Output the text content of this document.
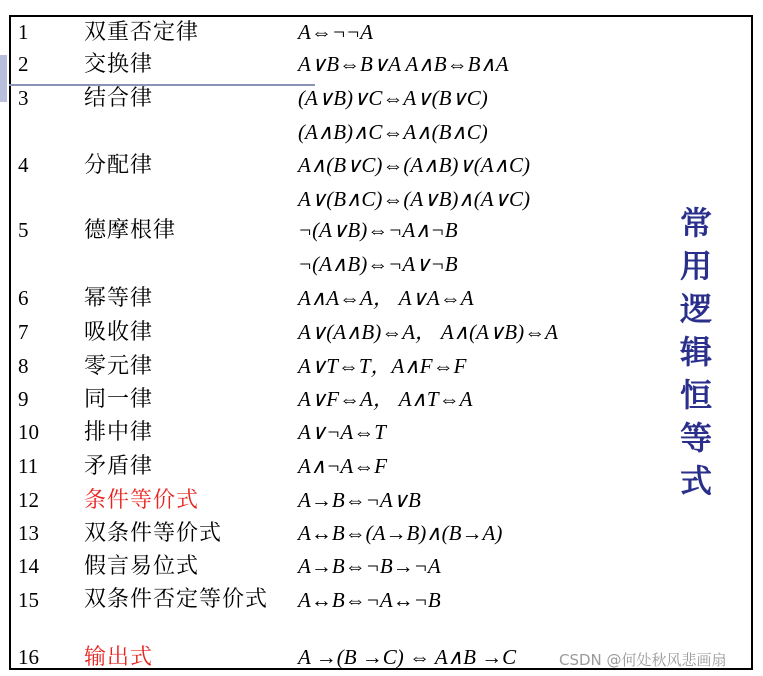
1	双重否定律	A⇔¬¬A
2	交换律	A∨B⇔B∨A A∧B⇔B∧A
3	结合律	(A∨B)∨C⇔A∨(B∨C)
(A∧B)∧C⇔A∧(B∧C)
4	分配律	A∧(B∨C)⇔(A∧B)∨(A∧C)
A∨(B∧C)⇔(A∨B)∧(A∨C)
5	德摩根律	¬(A∨B)⇔¬A∧¬B
¬(A∧B)⇔¬A∨¬B
6	幂等律	A∧A⇔A， A∨A⇔A
7	吸收律	A∨(A∧B)⇔A， A∧(A∨B)⇔A
8	零元律	A∨T⇔T，A∧F⇔F
9	同一律	A∨F⇔A， A∧T⇔A
10 排中律	A∨¬A⇔T
11 矛盾律	A∧¬A⇔F
12 条件等价式	A→B⇔¬A∨B
13 双条件等价式	A↔B⇔(A→B)∧(B→A)
14 假言易位式	A→B⇔¬B→¬A
15 双条件否定等价式 A↔B⇔¬A↔¬B
16 输出式	A →(B →C) ⇔ A∧B →C
常用逻辑恒等式
CSDN @何处秋风悲画扇
